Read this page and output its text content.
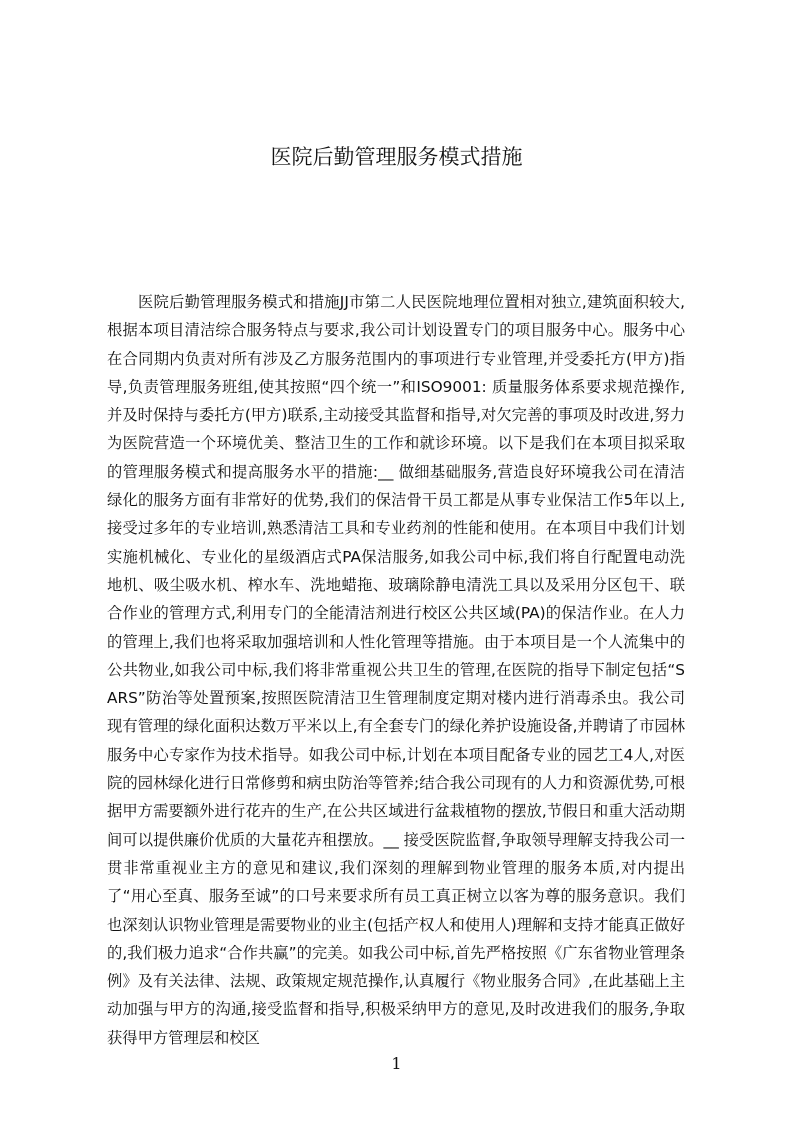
医院后勤管理服务模式措施

医院后勤管理服务模式和措施JJ市第二人民医院地理位置相对独立,建筑面积较大,根据本项目清洁综合服务特点与要求,我公司计划设置专门的项目服务中心。服务中心在合同期内负责对所有涉及乙方服务范围内的事项进行专业管理,并受委托方(甲方)指导,负责管理服务班组,使其按照“四个统一”和ISO9001: 质量服务体系要求规范操作,并及时保持与委托方(甲方)联系,主动接受其监督和指导,对欠完善的事项及时改进,努力为医院营造一个环境优美、整洁卫生的工作和就诊环境。以下是我们在本项目拟采取的管理服务模式和提高服务水平的措施:__ 做细基础服务,营造良好环境我公司在清洁绿化的服务方面有非常好的优势,我们的保洁骨干员工都是从事专业保洁工作5年以上,接受过多年的专业培训,熟悉清洁工具和专业药剂的性能和使用。在本项目中我们计划实施机械化、专业化的星级酒店式PA保洁服务,如我公司中标,我们将自行配置电动洗地机、吸尘吸水机、榨水车、洗地蜡拖、玻璃除静电清洗工具以及采用分区包干、联合作业的管理方式,利用专门的全能清洁剂进行校区公共区域(PA)的保洁作业。在人力的管理上,我们也将采取加强培训和人性化管理等措施。由于本项目是一个人流集中的公共物业,如我公司中标,我们将非常重视公共卫生的管理,在医院的指导下制定包括“SARS”防治等处置预案,按照医院清洁卫生管理制度定期对楼内进行消毒杀虫。我公司现有管理的绿化面积达数万平米以上,有全套专门的绿化养护设施设备,并聘请了市园林服务中心专家作为技术指导。如我公司中标,计划在本项目配备专业的园艺工4人,对医院的园林绿化进行日常修剪和病虫防治等管养;结合我公司现有的人力和资源优势,可根据甲方需要额外进行花卉的生产,在公共区域进行盆栽植物的摆放,节假日和重大活动期间可以提供廉价优质的大量花卉租摆放。__ 接受医院监督,争取领导理解支持我公司一贯非常重视业主方的意见和建议,我们深刻的理解到物业管理的服务本质,对内提出了“用心至真、服务至诚”的口号来要求所有员工真正树立以客为尊的服务意识。我们也深刻认识物业管理是需要物业的业主(包括产权人和使用人)理解和支持才能真正做好的,我们极力追求“合作共赢”的完美。如我公司中标,首先严格按照《广东省物业管理条例》及有关法律、法规、政策规定规范操作,认真履行《物业服务合同》,在此基础上主动加强与甲方的沟通,接受监督和指导,积极采纳甲方的意见,及时改进我们的服务,争取获得甲方管理层和校区

1
